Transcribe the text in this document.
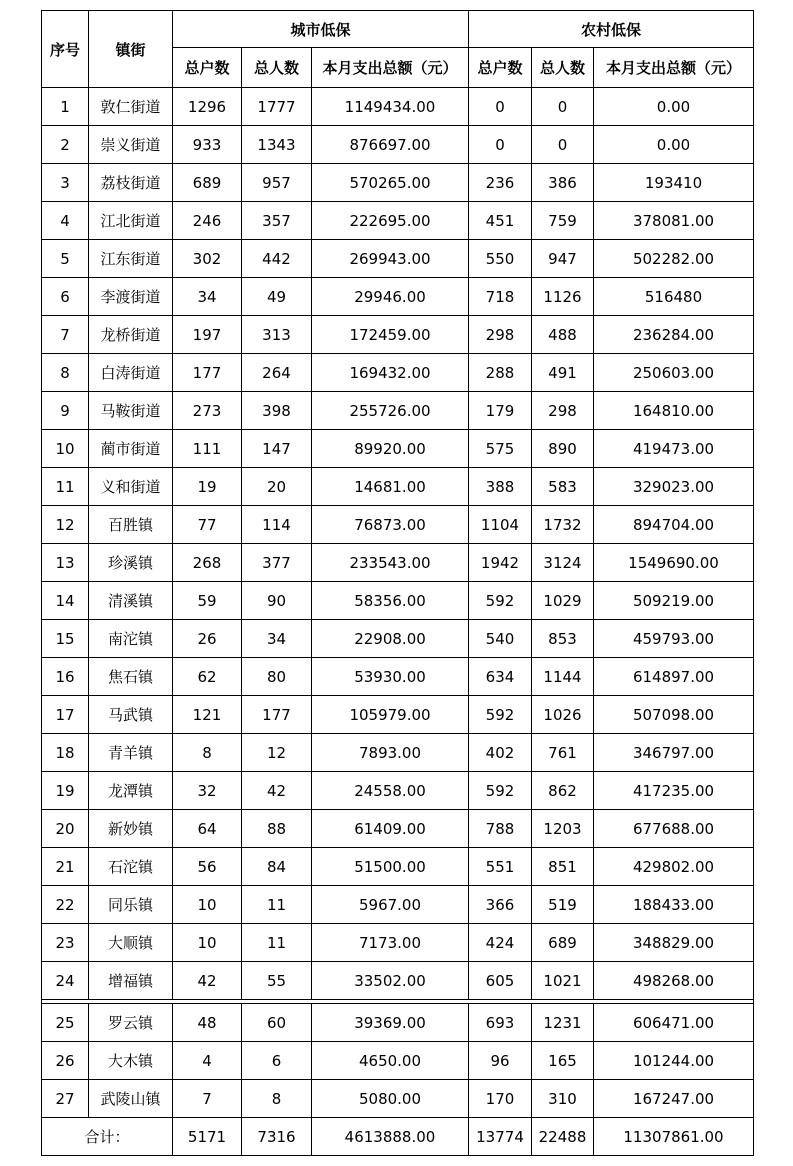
序号	镇街	城市低保			农村低保		
		总户数	总人数	本月支出总额（元）	总户数	总人数	本月支出总额（元）
1	敦仁街道	1296	1777	1149434.00	0	0	0.00
2	崇义街道	933	1343	876697.00	0	0	0.00
3	荔枝街道	689	957	570265.00	236	386	193410
4	江北街道	246	357	222695.00	451	759	378081.00
5	江东街道	302	442	269943.00	550	947	502282.00
6	李渡街道	34	49	29946.00	718	1126	516480
7	龙桥街道	197	313	172459.00	298	488	236284.00
8	白涛街道	177	264	169432.00	288	491	250603.00
9	马鞍街道	273	398	255726.00	179	298	164810.00
10	蔺市街道	111	147	89920.00	575	890	419473.00
11	义和街道	19	20	14681.00	388	583	329023.00
12	百胜镇	77	114	76873.00	1104	1732	894704.00
13	珍溪镇	268	377	233543.00	1942	3124	1549690.00
14	清溪镇	59	90	58356.00	592	1029	509219.00
15	南沱镇	26	34	22908.00	540	853	459793.00
16	焦石镇	62	80	53930.00	634	1144	614897.00
17	马武镇	121	177	105979.00	592	1026	507098.00
18	青羊镇	8	12	7893.00	402	761	346797.00
19	龙潭镇	32	42	24558.00	592	862	417235.00
20	新妙镇	64	88	61409.00	788	1203	677688.00
21	石沱镇	56	84	51500.00	551	851	429802.00
22	同乐镇	10	11	5967.00	366	519	188433.00
23	大顺镇	10	11	7173.00	424	689	348829.00
24	增福镇	42	55	33502.00	605	1021	498268.00

25	罗云镇	48	60	39369.00	693	1231	606471.00
26	大木镇	4	6	4650.00	96	165	101244.00
27	武陵山镇	7	8	5080.00	170	310	167247.00
合计：		5171	7316	4613888.00	13774	22488	11307861.00
